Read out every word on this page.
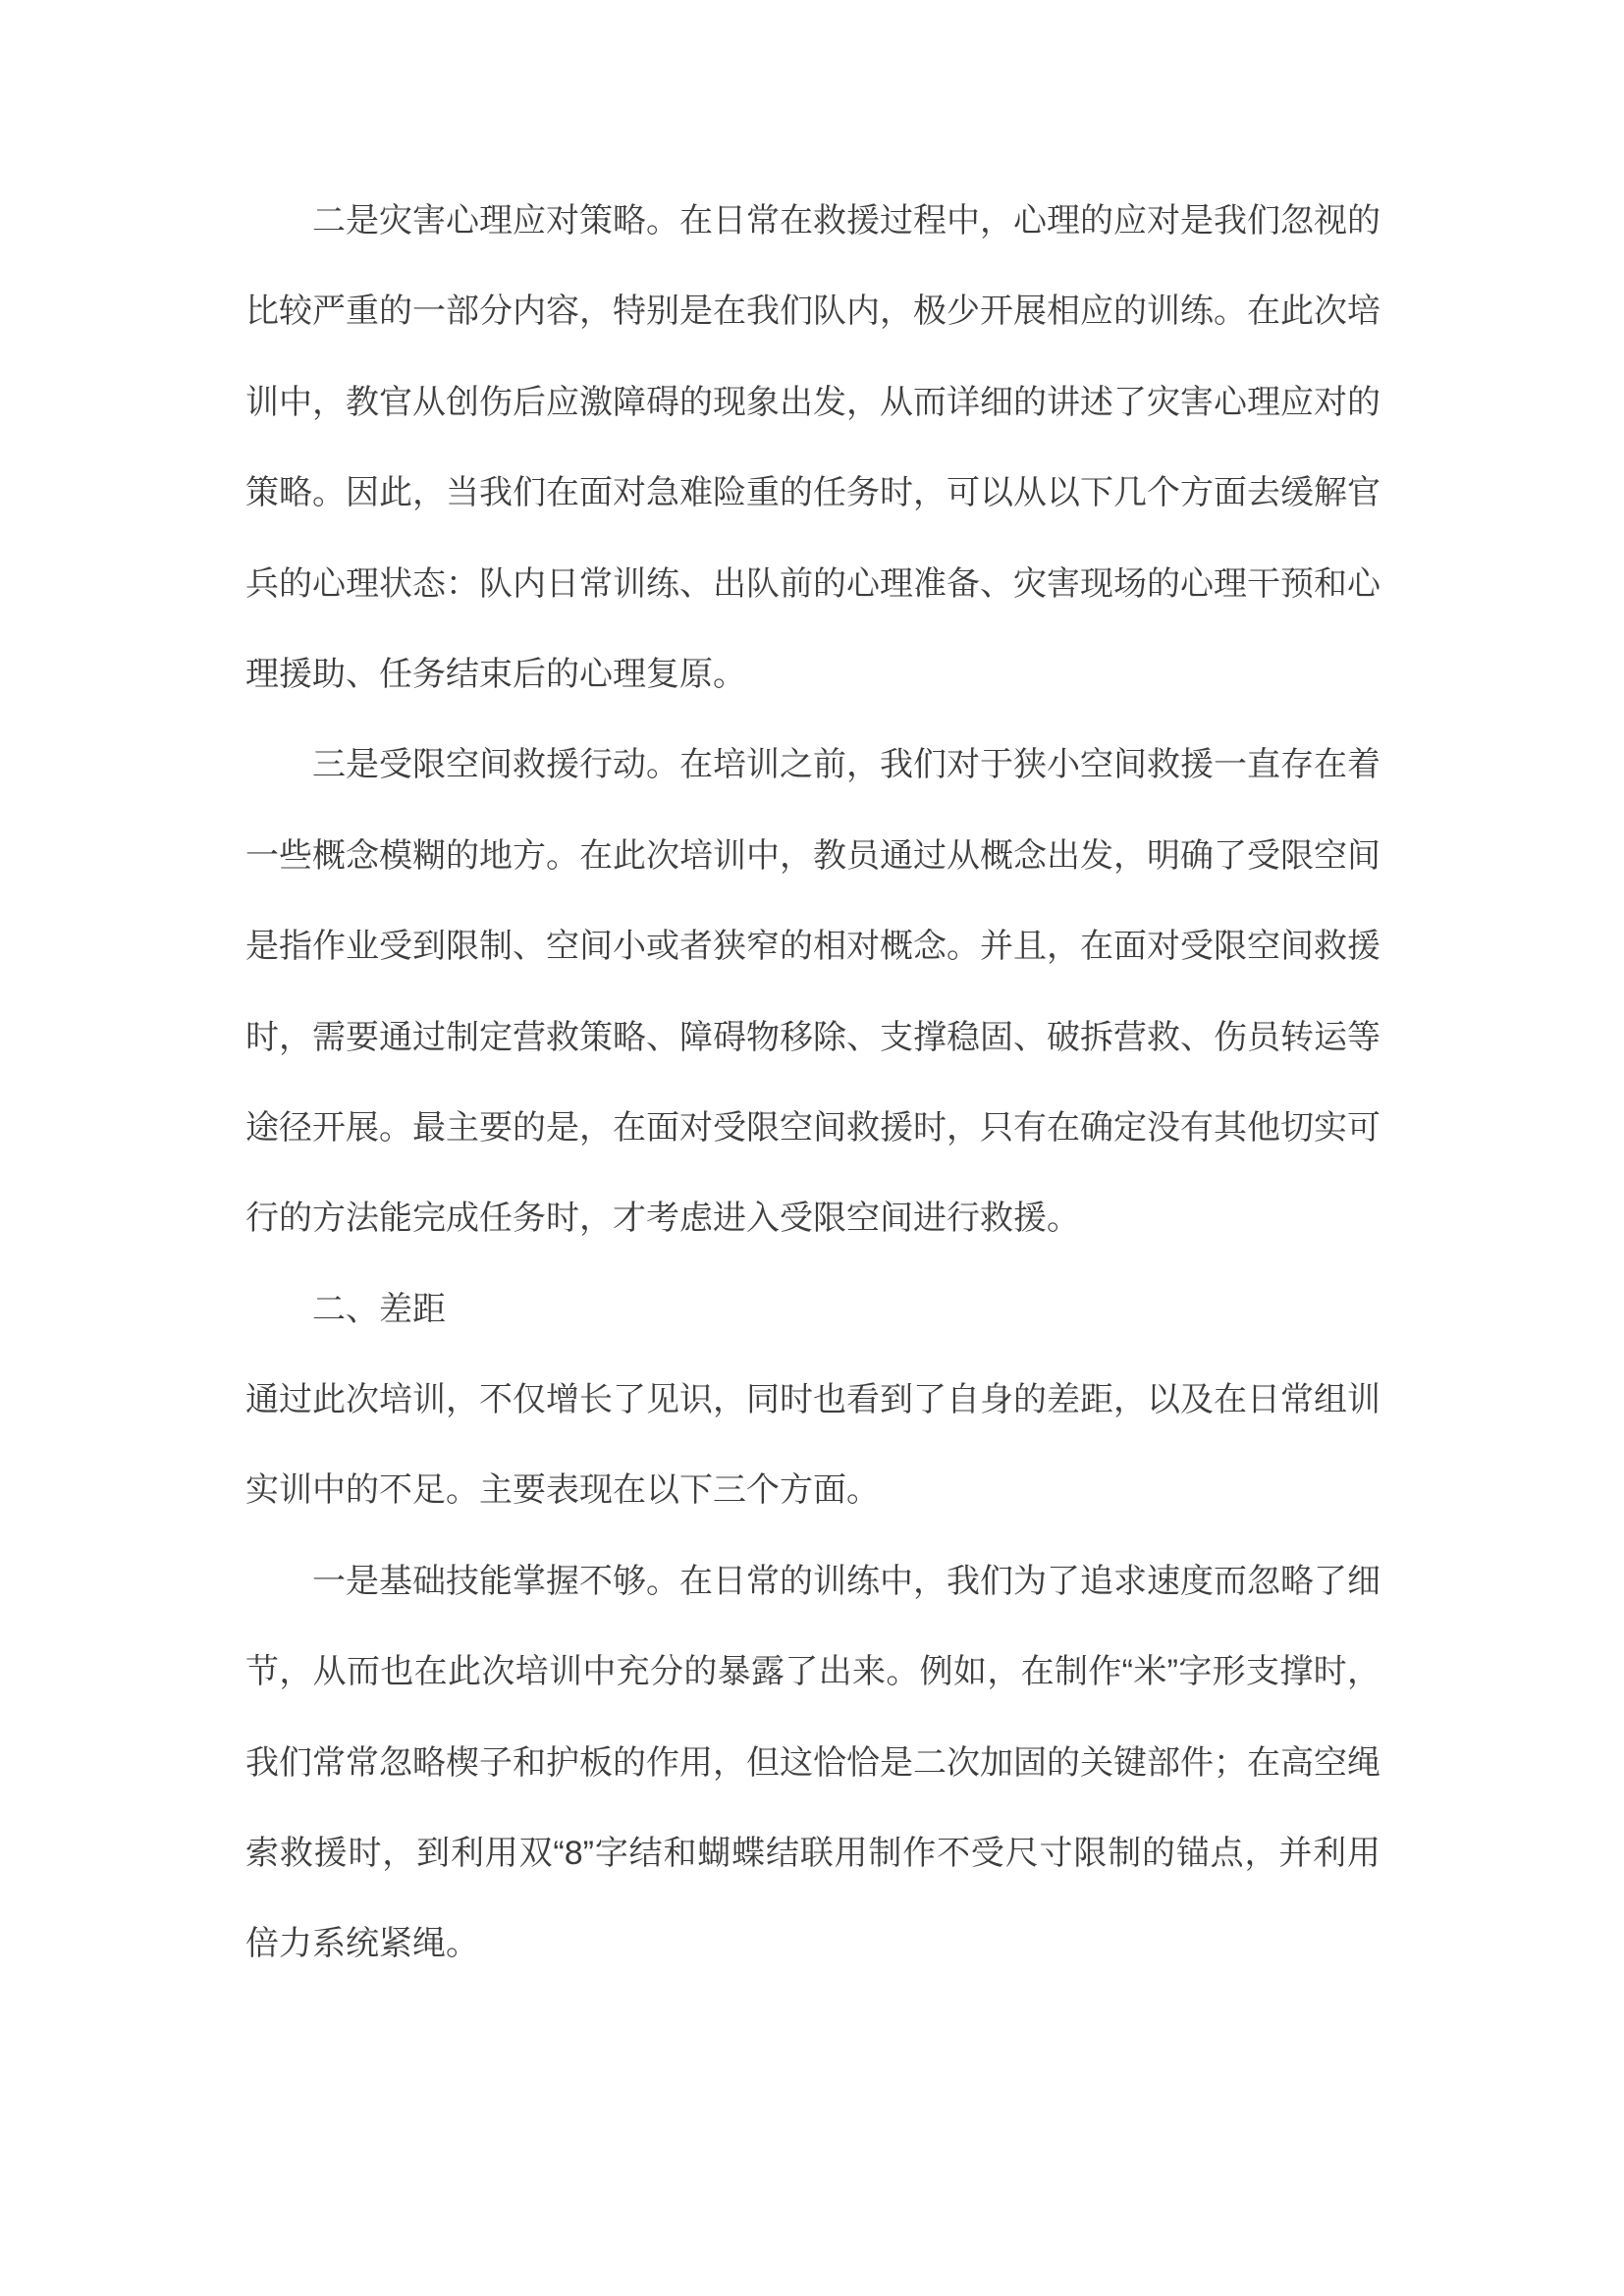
二是灾害心理应对策略。在日常在救援过程中，心理的应对是我们忽视的
比较严重的一部分内容，特别是在我们队内，极少开展相应的训练。在此次培
训中，教官从创伤后应激障碍的现象出发，从而详细的讲述了灾害心理应对的
策略。因此，当我们在面对急难险重的任务时，可以从以下几个方面去缓解官
兵的心理状态：队内日常训练、出队前的心理准备、灾害现场的心理干预和心
理援助、任务结束后的心理复原。
三是受限空间救援行动。在培训之前，我们对于狭小空间救援一直存在着
一些概念模糊的地方。在此次培训中，教员通过从概念出发，明确了受限空间
是指作业受到限制、空间小或者狭窄的相对概念。并且，在面对受限空间救援
时，需要通过制定营救策略、障碍物移除、支撑稳固、破拆营救、伤员转运等
途径开展。最主要的是，在面对受限空间救援时，只有在确定没有其他切实可
行的方法能完成任务时，才考虑进入受限空间进行救援。
二、差距
通过此次培训，不仅增长了见识，同时也看到了自身的差距，以及在日常组训
实训中的不足。主要表现在以下三个方面。
一是基础技能掌握不够。在日常的训练中，我们为了追求速度而忽略了细
节，从而也在此次培训中充分的暴露了出来。例如，在制作“米”字形支撑时，
我们常常忽略楔子和护板的作用，但这恰恰是二次加固的关键部件；在高空绳
索救援时，到利用双“8”字结和蝴蝶结联用制作不受尺寸限制的锚点，并利用
倍力系统紧绳。
